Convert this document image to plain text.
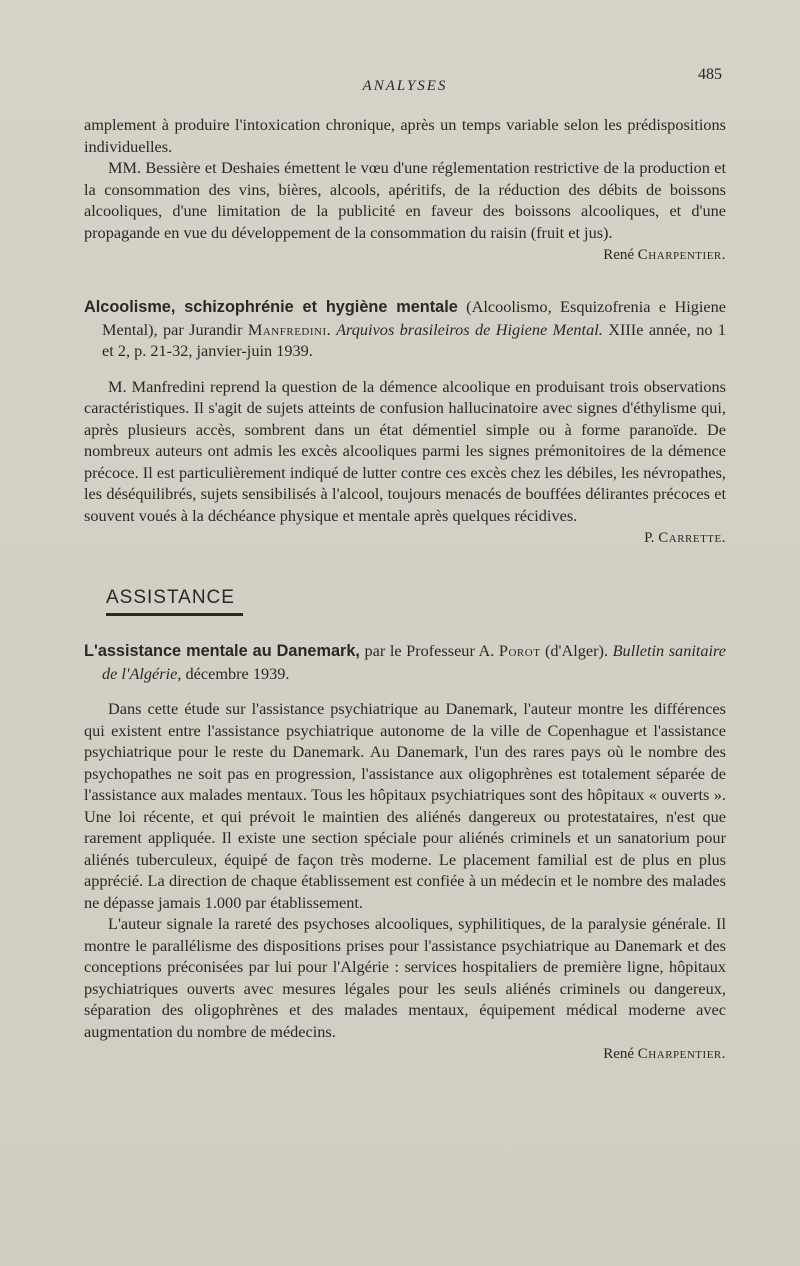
ANALYSES
485

amplement à produire l'intoxication chronique, après un temps variable selon les prédispositions individuelles.

MM. Bessière et Deshaies émettent le vœu d'une réglementation restrictive de la production et la consommation des vins, bières, alcools, apéritifs, de la réduction des débits de boissons alcooliques, d'une limitation de la publicité en faveur des boissons alcooliques, et d'une propagande en vue du développement de la consommation du raisin (fruit et jus).

René Charpentier.
Alcoolisme, schizophrénie et hygiène mentale (Alcoolismo, Esquizofrenia e Higiene Mental), par Jurandir Manfredini. Arquivos brasileiros de Higiene Mental. XIIIe année, no 1 et 2, p. 21-32, janvier-juin 1939.

M. Manfredini reprend la question de la démence alcoolique en produisant trois observations caractéristiques. Il s'agit de sujets atteints de confusion hallucinatoire avec signes d'éthylisme qui, après plusieurs accès, sombrent dans un état démentiel simple ou à forme paranoïde. De nombreux auteurs ont admis les excès alcooliques parmi les signes prémonitoires de la démence précoce. Il est particulièrement indiqué de lutter contre ces excès chez les débiles, les névropathes, les déséquilibrés, sujets sensibilisés à l'alcool, toujours menacés de bouffées délirantes précoces et souvent voués à la déchéance physique et mentale après quelques récidives.

P. Carrette.
ASSISTANCE
L'assistance mentale au Danemark, par le Professeur A. Porot (d'Alger). Bulletin sanitaire de l'Algérie, décembre 1939.

Dans cette étude sur l'assistance psychiatrique au Danemark, l'auteur montre les différences qui existent entre l'assistance psychiatrique autonome de la ville de Copenhague et l'assistance psychiatrique pour le reste du Danemark. Au Danemark, l'un des rares pays où le nombre des psychopathes ne soit pas en progression, l'assistance aux oligophrènes est totalement séparée de l'assistance aux malades mentaux. Tous les hôpitaux psychiatriques sont des hôpitaux « ouverts ». Une loi récente, et qui prévoit le maintien des aliénés dangereux ou protestataires, n'est que rarement appliquée. Il existe une section spéciale pour aliénés criminels et un sanatorium pour aliénés tuberculeux, équipé de façon très moderne. Le placement familial est de plus en plus apprécié. La direction de chaque établissement est confiée à un médecin et le nombre des malades ne dépasse jamais 1.000 par établissement.

L'auteur signale la rareté des psychoses alcooliques, syphilitiques, de la paralysie générale. Il montre le parallélisme des dispositions prises pour l'assistance psychiatrique au Danemark et des conceptions préconisées par lui pour l'Algérie : services hospitaliers de première ligne, hôpitaux psychiatriques ouverts avec mesures légales pour les seuls aliénés criminels ou dangereux, séparation des oligophrènes et des malades mentaux, équipement médical moderne avec augmentation du nombre de médecins.

René Charpentier.
